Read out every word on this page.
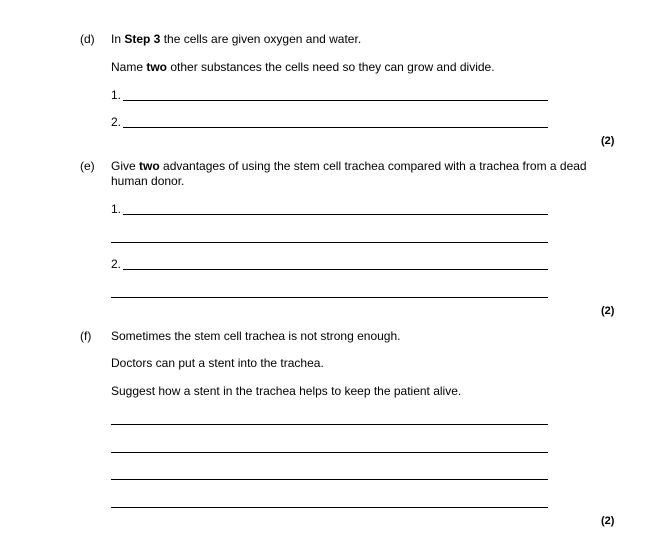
(d) In Step 3 the cells are given oxygen and water.
Name two other substances the cells need so they can grow and divide.
1.
2.
(2)
(e) Give two advantages of using the stem cell trachea compared with a trachea from a dead human donor.
1.
2.
(2)
(f) Sometimes the stem cell trachea is not strong enough.
Doctors can put a stent into the trachea.
Suggest how a stent in the trachea helps to keep the patient alive.
(2)
